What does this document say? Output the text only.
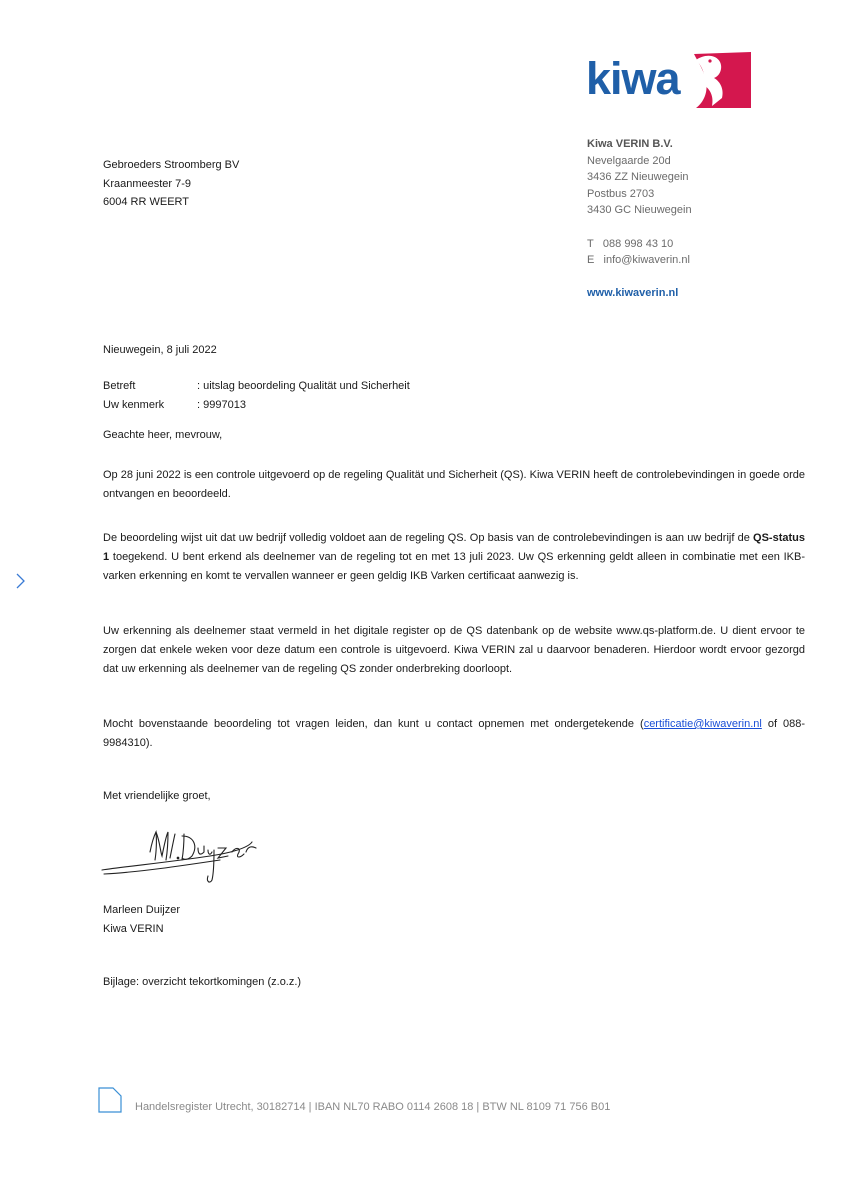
kiwa
Kiwa VERIN B.V.
Nevelgaarde 20d
3436 ZZ Nieuwegein
Postbus 2703
3430 GC Nieuwegein
T 088 998 43 10
E info@kiwaverin.nl
www.kiwaverin.nl
Gebroeders Stroomberg BV
Kraanmeester 7-9
6004 RR WEERT
Nieuwegein, 8 juli 2022
Betreft	: uitslag beoordeling Qualität und Sicherheit
Uw kenmerk	: 9997013
Geachte heer, mevrouw,
Op 28 juni 2022 is een controle uitgevoerd op de regeling Qualität und Sicherheit (QS). Kiwa VERIN heeft de controlebevindingen in goede orde ontvangen en beoordeeld.
De beoordeling wijst uit dat uw bedrijf volledig voldoet aan de regeling QS. Op basis van de controlebevindingen is aan uw bedrijf de QS-status 1 toegekend. U bent erkend als deelnemer van de regeling tot en met 13 juli 2023. Uw QS erkenning geldt alleen in combinatie met een IKB-varken erkenning en komt te vervallen wanneer er geen geldig IKB Varken certificaat aanwezig is.
Uw erkenning als deelnemer staat vermeld in het digitale register op de QS datenbank op de website www.qs-platform.de. U dient ervoor te zorgen dat enkele weken voor deze datum een controle is uitgevoerd. Kiwa VERIN zal u daarvoor benaderen. Hierdoor wordt ervoor gezorgd dat uw erkenning als deelnemer van de regeling QS zonder onderbreking doorloopt.
Mocht bovenstaande beoordeling tot vragen leiden, dan kunt u contact opnemen met ondergetekende (certificatie@kiwaverin.nl of 088-9984310).
Met vriendelijke groet,
Marleen Duijzer
Kiwa VERIN
Bijlage: overzicht tekortkomingen (z.o.z.)
Handelsregister Utrecht, 30182714 | IBAN NL70 RABO 0114 2608 18 | BTW NL 8109 71 756 B01
